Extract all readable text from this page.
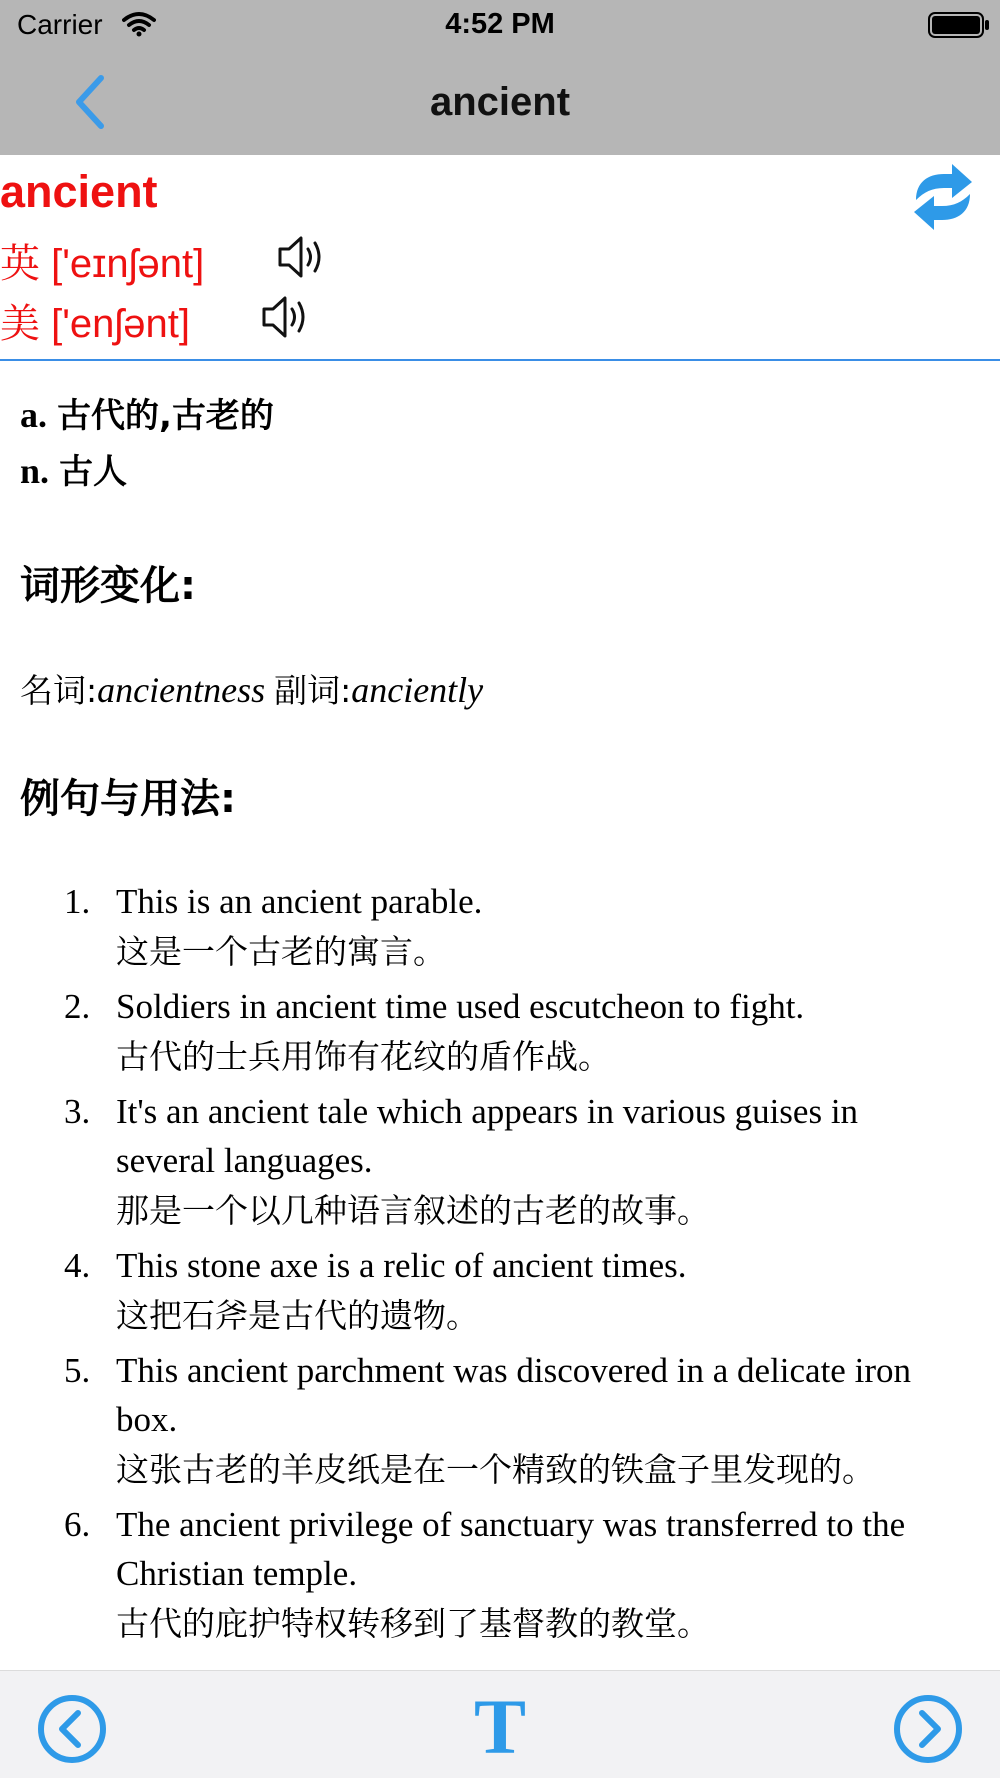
Carrier	4:52 PM
ancient
ancient
英 ['eɪnʃənt]
美 ['enʃənt]
a. 古代的,古老的
n. 古人
词形变化:
名词:ancientness 副词:anciently
例句与用法:
1. This is an ancient parable.
这是一个古老的寓言。
2. Soldiers in ancient time used escutcheon to fight.
古代的士兵用饰有花纹的盾作战。
3. It's an ancient tale which appears in various guises in several languages.
那是一个以几种语言叙述的古老的故事。
4. This stone axe is a relic of ancient times.
这把石斧是古代的遗物。
5. This ancient parchment was discovered in a delicate iron box.
这张古老的羊皮纸是在一个精致的铁盒子里发现的。
6. The ancient privilege of sanctuary was transferred to the Christian temple.
古代的庇护特权转移到了基督教的教堂。
T
